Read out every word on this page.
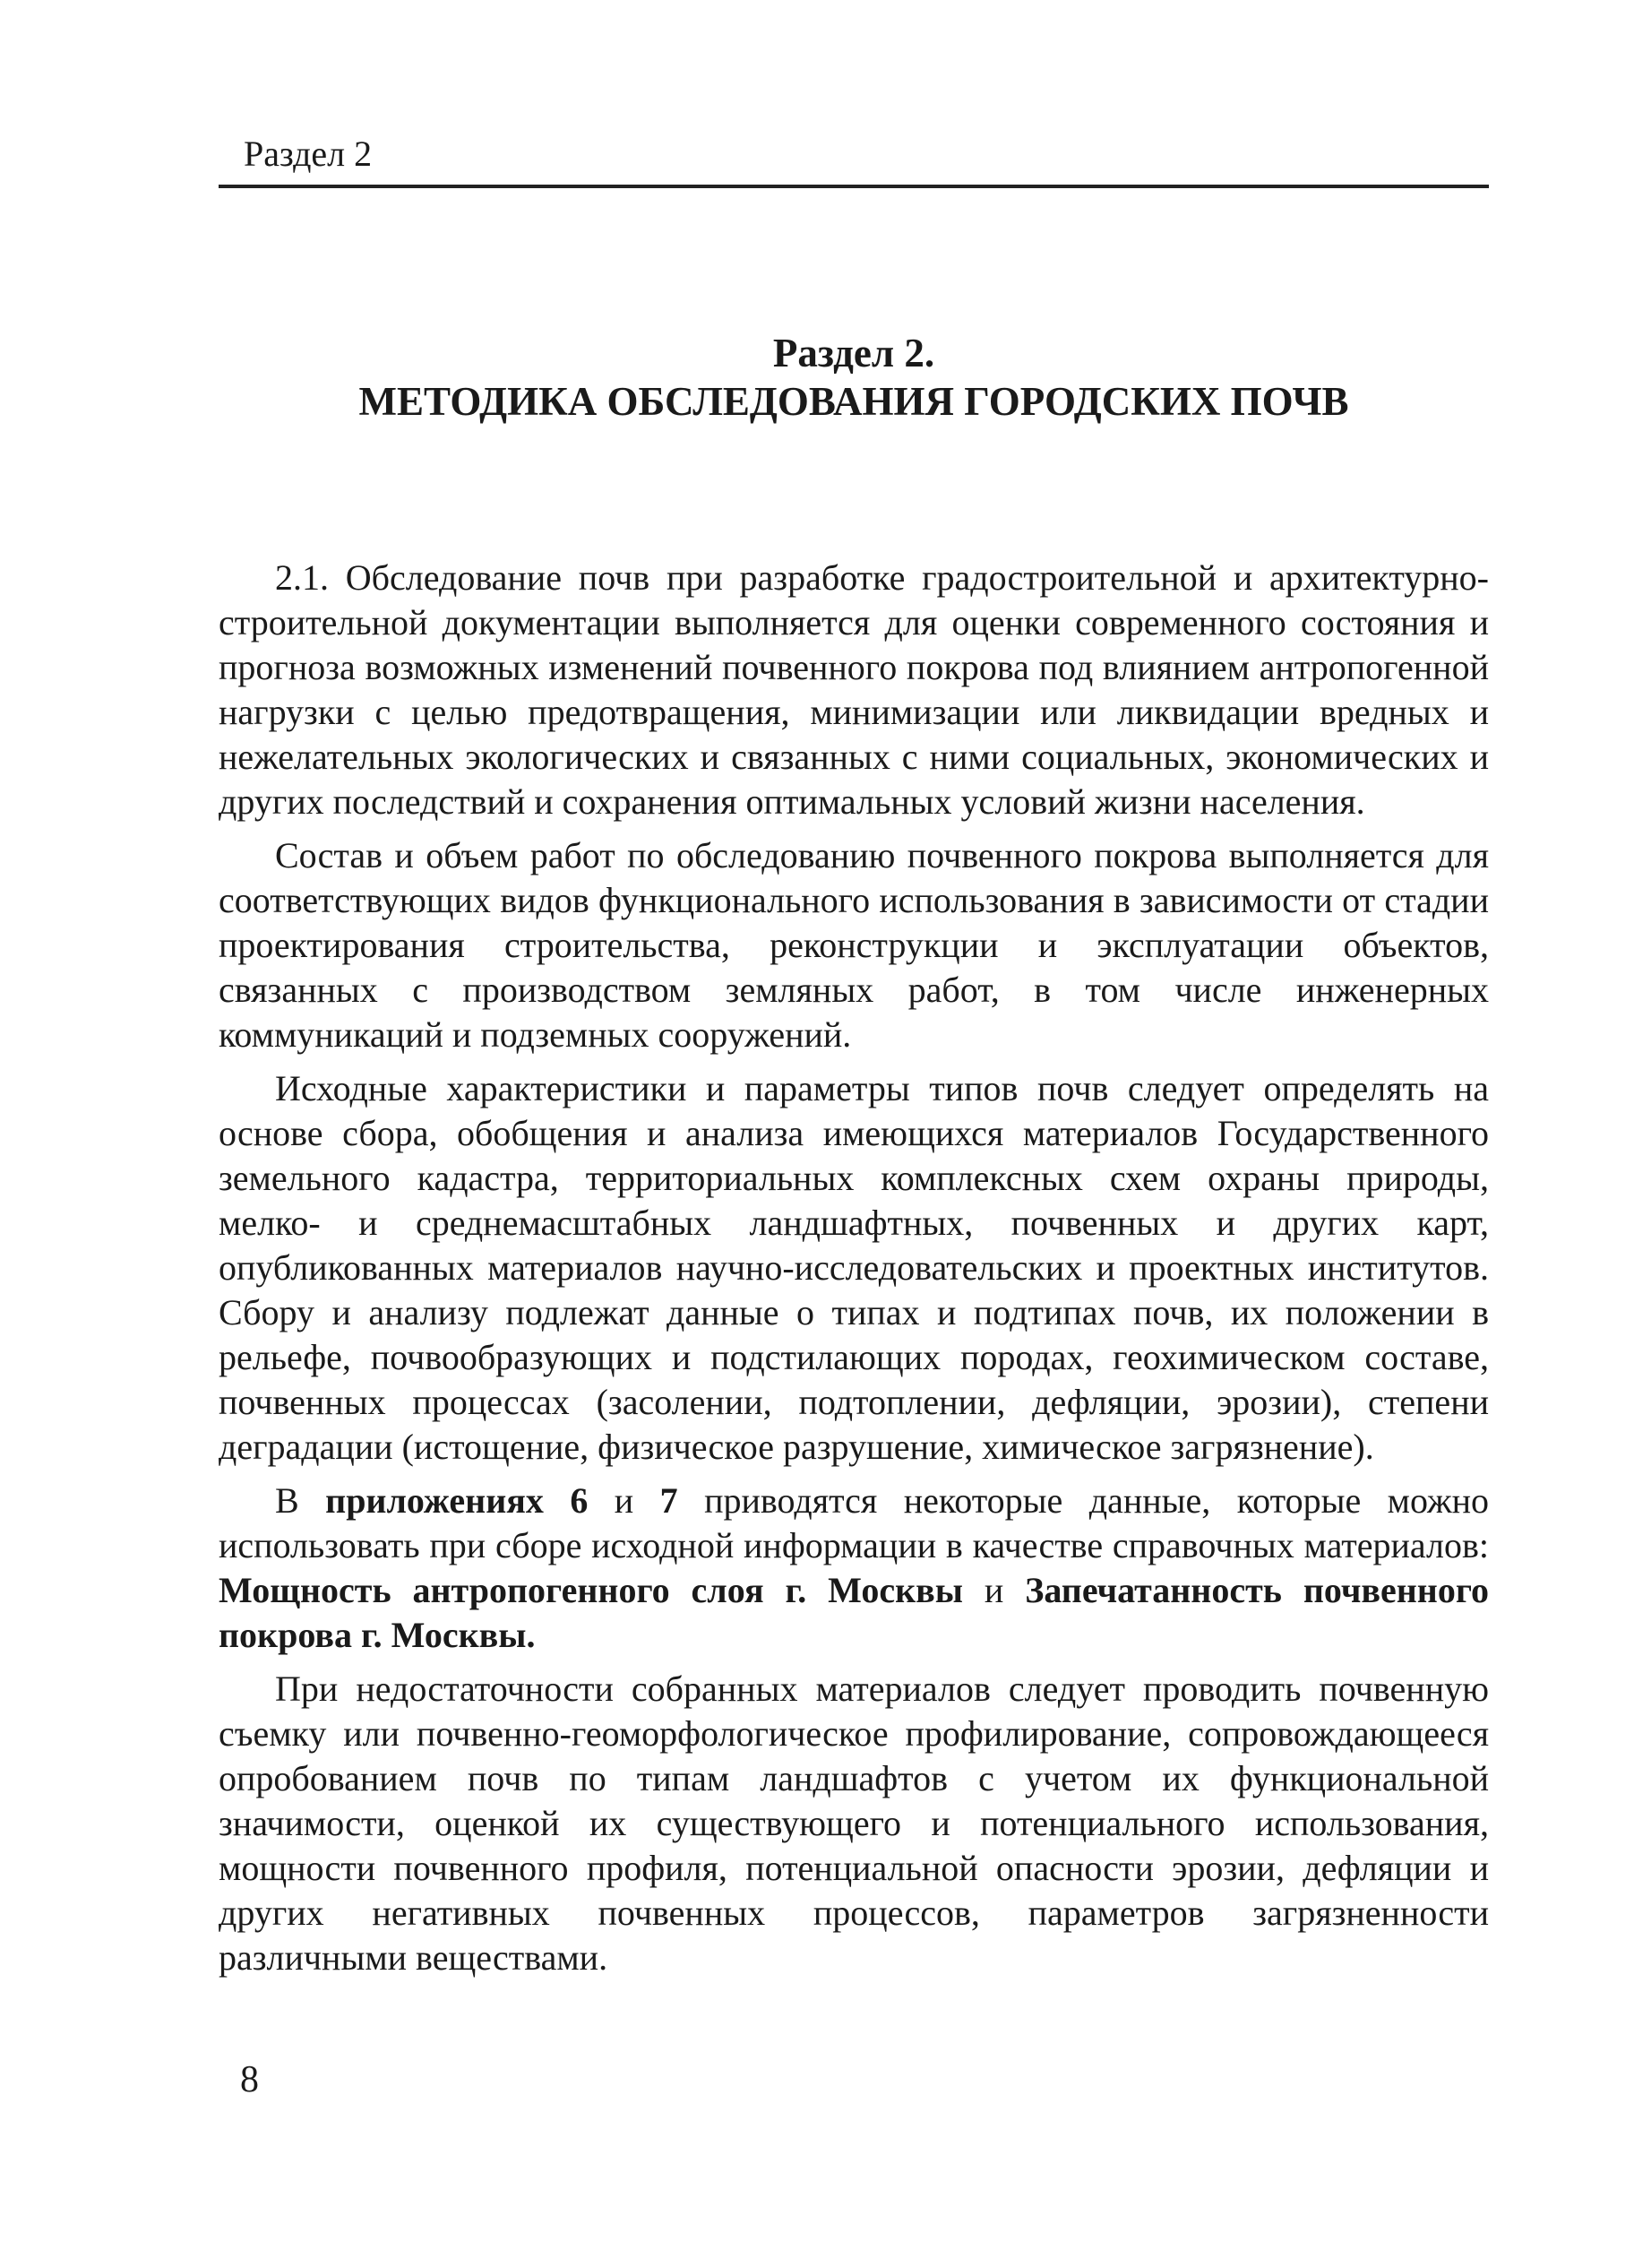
Раздел 2
Раздел 2.
МЕТОДИКА ОБСЛЕДОВАНИЯ ГОРОДСКИХ ПОЧВ

2.1. Обследование почв при разработке градостроительной и архитектурно-строительной документации выполняется для оценки современного состояния и прогноза возможных изменений почвенного покрова под влиянием антропогенной нагрузки с целью предотвращения, минимизации или ликвидации вредных и нежелательных экологических и связанных с ними социальных, экономических и других последствий и сохранения оптимальных условий жизни населения.

Состав и объем работ по обследованию почвенного покрова выполняется для соответствующих видов функционального использования в зависимости от стадии проектирования строительства, реконструкции и эксплуатации объектов, связанных с производством земляных работ, в том числе инженерных коммуникаций и подземных сооружений.

Исходные характеристики и параметры типов почв следует определять на основе сбора, обобщения и анализа имеющихся материалов Государственного земельного кадастра, территориальных комплексных схем охраны природы, мелко- и среднемасштабных ландшафтных, почвенных и других карт, опубликованных материалов научно-исследовательских и проектных институтов. Сбору и анализу подлежат данные о типах и подтипах почв, их положении в рельефе, почвообразующих и подстилающих породах, геохимическом составе, почвенных процессах (засолении, подтоплении, дефляции, эрозии), степени деградации (истощение, физическое разрушение, химическое загрязнение).

В приложениях 6 и 7 приводятся некоторые данные, которые можно использовать при сборе исходной информации в качестве справочных материалов: Мощность антропогенного слоя г. Москвы и Запечатанность почвенного покрова г. Москвы.

При недостаточности собранных материалов следует проводить почвенную съемку или почвенно-геоморфологическое профилирование, сопровождающееся опробованием почв по типам ландшафтов с учетом их функциональной значимости, оценкой их существующего и потенциального использования, мощности почвенного профиля, потенциальной опасности эрозии, дефляции и других негативных почвенных процессов, параметров загрязненности различными веществами.

8
